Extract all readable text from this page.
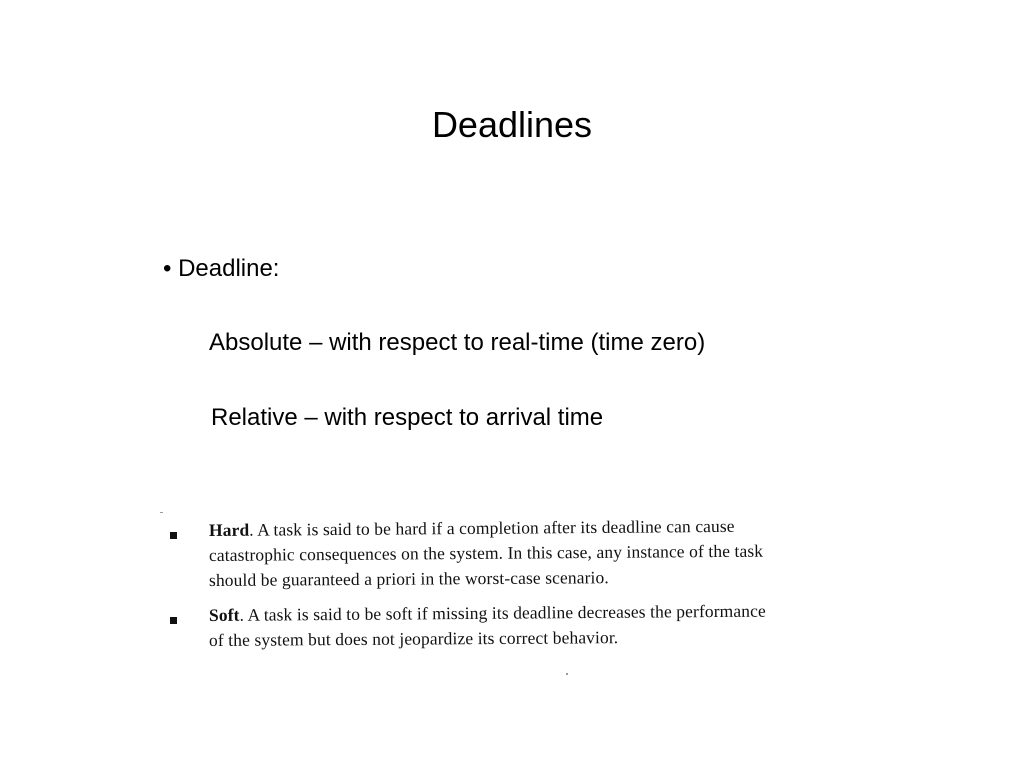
Deadlines
• Deadline:
Absolute – with respect to real-time (time zero)
Relative – with respect to arrival time
Hard. A task is said to be hard if a completion after its deadline can cause
catastrophic consequences on the system. In this case, any instance of the task
should be guaranteed a priori in the worst-case scenario.
Soft. A task is said to be soft if missing its deadline decreases the performance
of the system but does not jeopardize its correct behavior.
